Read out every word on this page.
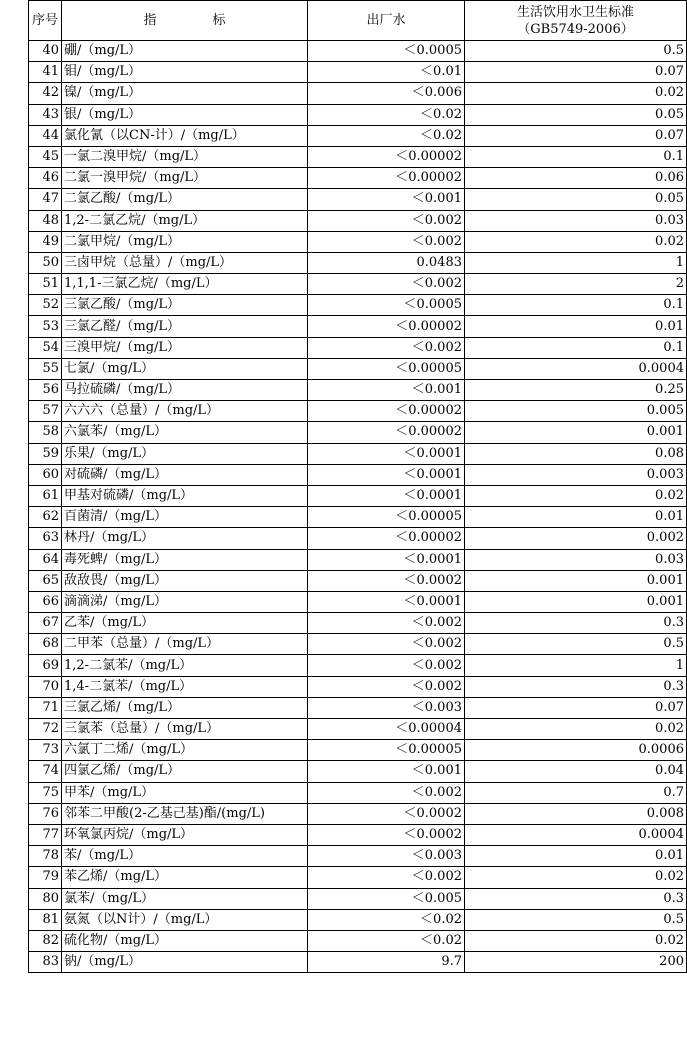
序号	指 标	出厂水	生活饮用水卫生标准
（GB5749-2006）

40	硼/（mg/L）	＜0.0005	0.5
41	钼/（mg/L）	＜0.01	0.07
42	镍/（mg/L）	＜0.006	0.02
43	银/（mg/L）	＜0.02	0.05
44	氯化氰（以CN-计）/（mg/L）	＜0.02	0.07
45	一氯二溴甲烷/（mg/L）	＜0.00002	0.1
46	二氯一溴甲烷/（mg/L）	＜0.00002	0.06
47	二氯乙酸/（mg/L）	＜0.001	0.05
48	1,2-二氯乙烷/（mg/L）	＜0.002	0.03
49	二氯甲烷/（mg/L）	＜0.002	0.02
50	三卤甲烷（总量）/（mg/L）	0.0483	1
51	1,1,1-三氯乙烷/（mg/L）	＜0.002	2
52	三氯乙酸/（mg/L）	＜0.0005	0.1
53	三氯乙醛/（mg/L）	＜0.00002	0.01
54	三溴甲烷/（mg/L）	＜0.002	0.1
55	七氯/（mg/L）	＜0.00005	0.0004
56	马拉硫磷/（mg/L）	＜0.001	0.25
57	六六六（总量）/（mg/L）	＜0.00002	0.005
58	六氯苯/（mg/L）	＜0.00002	0.001
59	乐果/（mg/L）	＜0.0001	0.08
60	对硫磷/（mg/L）	＜0.0001	0.003
61	甲基对硫磷/（mg/L）	＜0.0001	0.02
62	百菌清/（mg/L）	＜0.00005	0.01
63	林丹/（mg/L）	＜0.00002	0.002
64	毒死蜱/（mg/L）	＜0.0001	0.03
65	敌敌畏/（mg/L）	＜0.0002	0.001
66	滴滴涕/（mg/L）	＜0.0001	0.001
67	乙苯/（mg/L）	＜0.002	0.3
68	二甲苯（总量）/（mg/L）	＜0.002	0.5
69	1,2-二氯苯/（mg/L）	＜0.002	1
70	1,4-二氯苯/（mg/L）	＜0.002	0.3
71	三氯乙烯/（mg/L）	＜0.003	0.07
72	三氯苯（总量）/（mg/L）	＜0.00004	0.02
73	六氯丁二烯/（mg/L）	＜0.00005	0.0006
74	四氯乙烯/（mg/L）	＜0.001	0.04
75	甲苯/（mg/L）	＜0.002	0.7
76	邻苯二甲酸(2-乙基己基)酯/(mg/L)	＜0.0002	0.008
77	环氧氯丙烷/（mg/L）	＜0.0002	0.0004
78	苯/（mg/L）	＜0.003	0.01
79	苯乙烯/（mg/L）	＜0.002	0.02
80	氯苯/（mg/L）	＜0.005	0.3
81	氨氮（以N计）/（mg/L）	＜0.02	0.5
82	硫化物/（mg/L）	＜0.02	0.02
83	钠/（mg/L）	9.7	200
